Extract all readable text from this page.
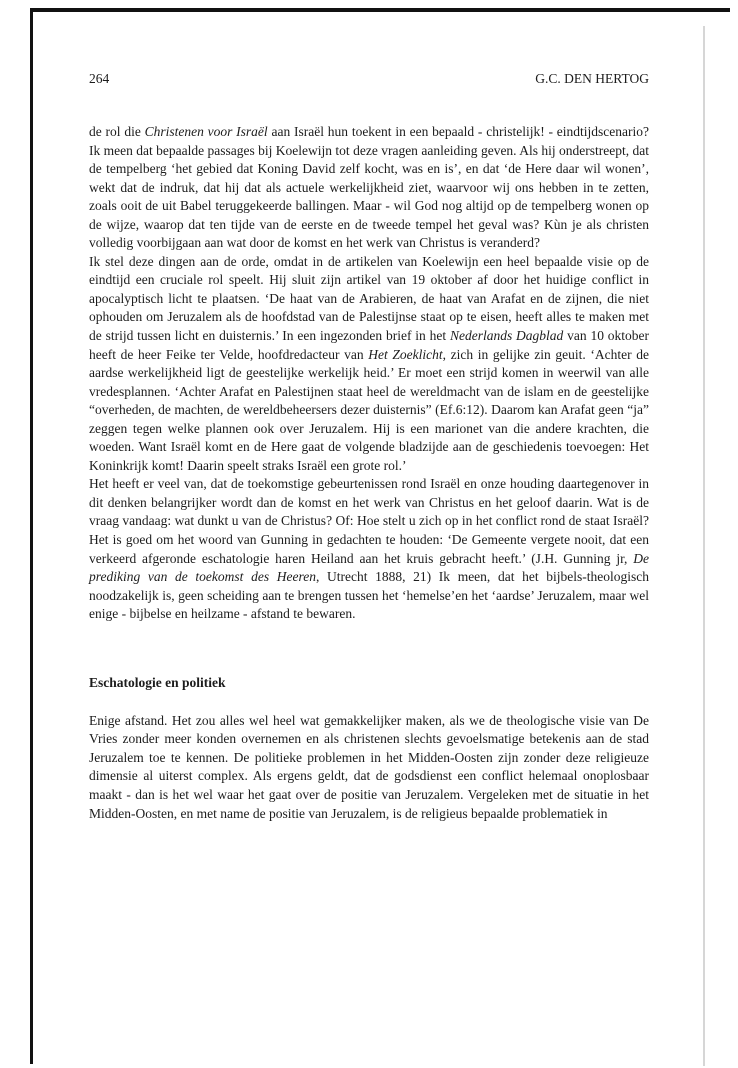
264	G.C. DEN HERTOG

de rol die Christenen voor Israël aan Israël hun toekent in een bepaald - christelijk! - eindtijdscenario? Ik meen dat bepaalde passages bij Koelewijn tot deze vragen aanleiding geven. Als hij onderstreept, dat de tempelberg ‘het gebied dat Koning David zelf kocht, was en is’, en dat ‘de Here daar wil wonen’, wekt dat de indruk, dat hij dat als actuele werkelijkheid ziet, waarvoor wij ons hebben in te zetten, zoals ooit de uit Babel teruggekeerde ballingen. Maar - wil God nog altijd op de tempelberg wonen op de wijze, waarop dat ten tijde van de eerste en de tweede tempel het geval was? Kùn je als christen volledig voorbijgaan aan wat door de komst en het werk van Christus is veranderd?

Ik stel deze dingen aan de orde, omdat in de artikelen van Koelewijn een heel bepaalde visie op de eindtijd een cruciale rol speelt. Hij sluit zijn artikel van 19 oktober af door het huidige conflict in apocalyptisch licht te plaatsen. ‘De haat van de Arabieren, de haat van Arafat en de zijnen, die niet ophouden om Jeruzalem als de hoofdstad van de Palestijnse staat op te eisen, heeft alles te maken met de strijd tussen licht en duisternis.’ In een ingezonden brief in het Nederlands Dagblad van 10 oktober heeft de heer Feike ter Velde, hoofdredacteur van Het Zoeklicht, zich in gelijke zin geuit. ‘Achter de aardse werkelijkheid ligt de geestelijke werkelijk heid.’ Er moet een strijd komen in weerwil van alle vredesplannen. ‘Achter Arafat en Palestijnen staat heel de wereldmacht van de islam en de geestelijke “overheden, de machten, de wereldbeheersers dezer duisternis” (Ef.6:12). Daarom kan Arafat geen “ja” zeggen tegen welke plannen ook over Jeruzalem. Hij is een marionet van die andere krachten, die woeden. Want Israël komt en de Here gaat de volgende bladzijde aan de geschiedenis toevoegen: Het Koninkrijk komt! Daarin speelt straks Israël een grote rol.’

Het heeft er veel van, dat de toekomstige gebeurtenissen rond Israël en onze houding daartegenover in dit denken belangrijker wordt dan de komst en het werk van Christus en het geloof daarin. Wat is de vraag vandaag: wat dunkt u van de Christus? Of: Hoe stelt u zich op in het conflict rond de staat Israël? Het is goed om het woord van Gunning in gedachten te houden: ‘De Gemeente vergete nooit, dat een verkeerd afgeronde eschatologie haren Heiland aan het kruis gebracht heeft.’ (J.H. Gunning jr, De prediking van de toekomst des Heeren, Utrecht 1888, 21) Ik meen, dat het bijbels-theologisch noodzakelijk is, geen scheiding aan te brengen tussen het ‘hemelse’en het ‘aardse’ Jeruzalem, maar wel enige - bijbelse en heilzame - afstand te bewaren.

Eschatologie en politiek

Enige afstand. Het zou alles wel heel wat gemakkelijker maken, als we de theologische visie van De Vries zonder meer konden overnemen en als christenen slechts gevoelsmatige betekenis aan de stad Jeruzalem toe te kennen. De politieke problemen in het Midden-Oosten zijn zonder deze religieuze dimensie al uiterst complex. Als ergens geldt, dat de godsdienst een conflict helemaal onoplosbaar maakt - dan is het wel waar het gaat over de positie van Jeruzalem. Vergeleken met de situatie in het Midden-Oosten, en met name de positie van Jeruzalem, is de religieus bepaalde problematiek in
